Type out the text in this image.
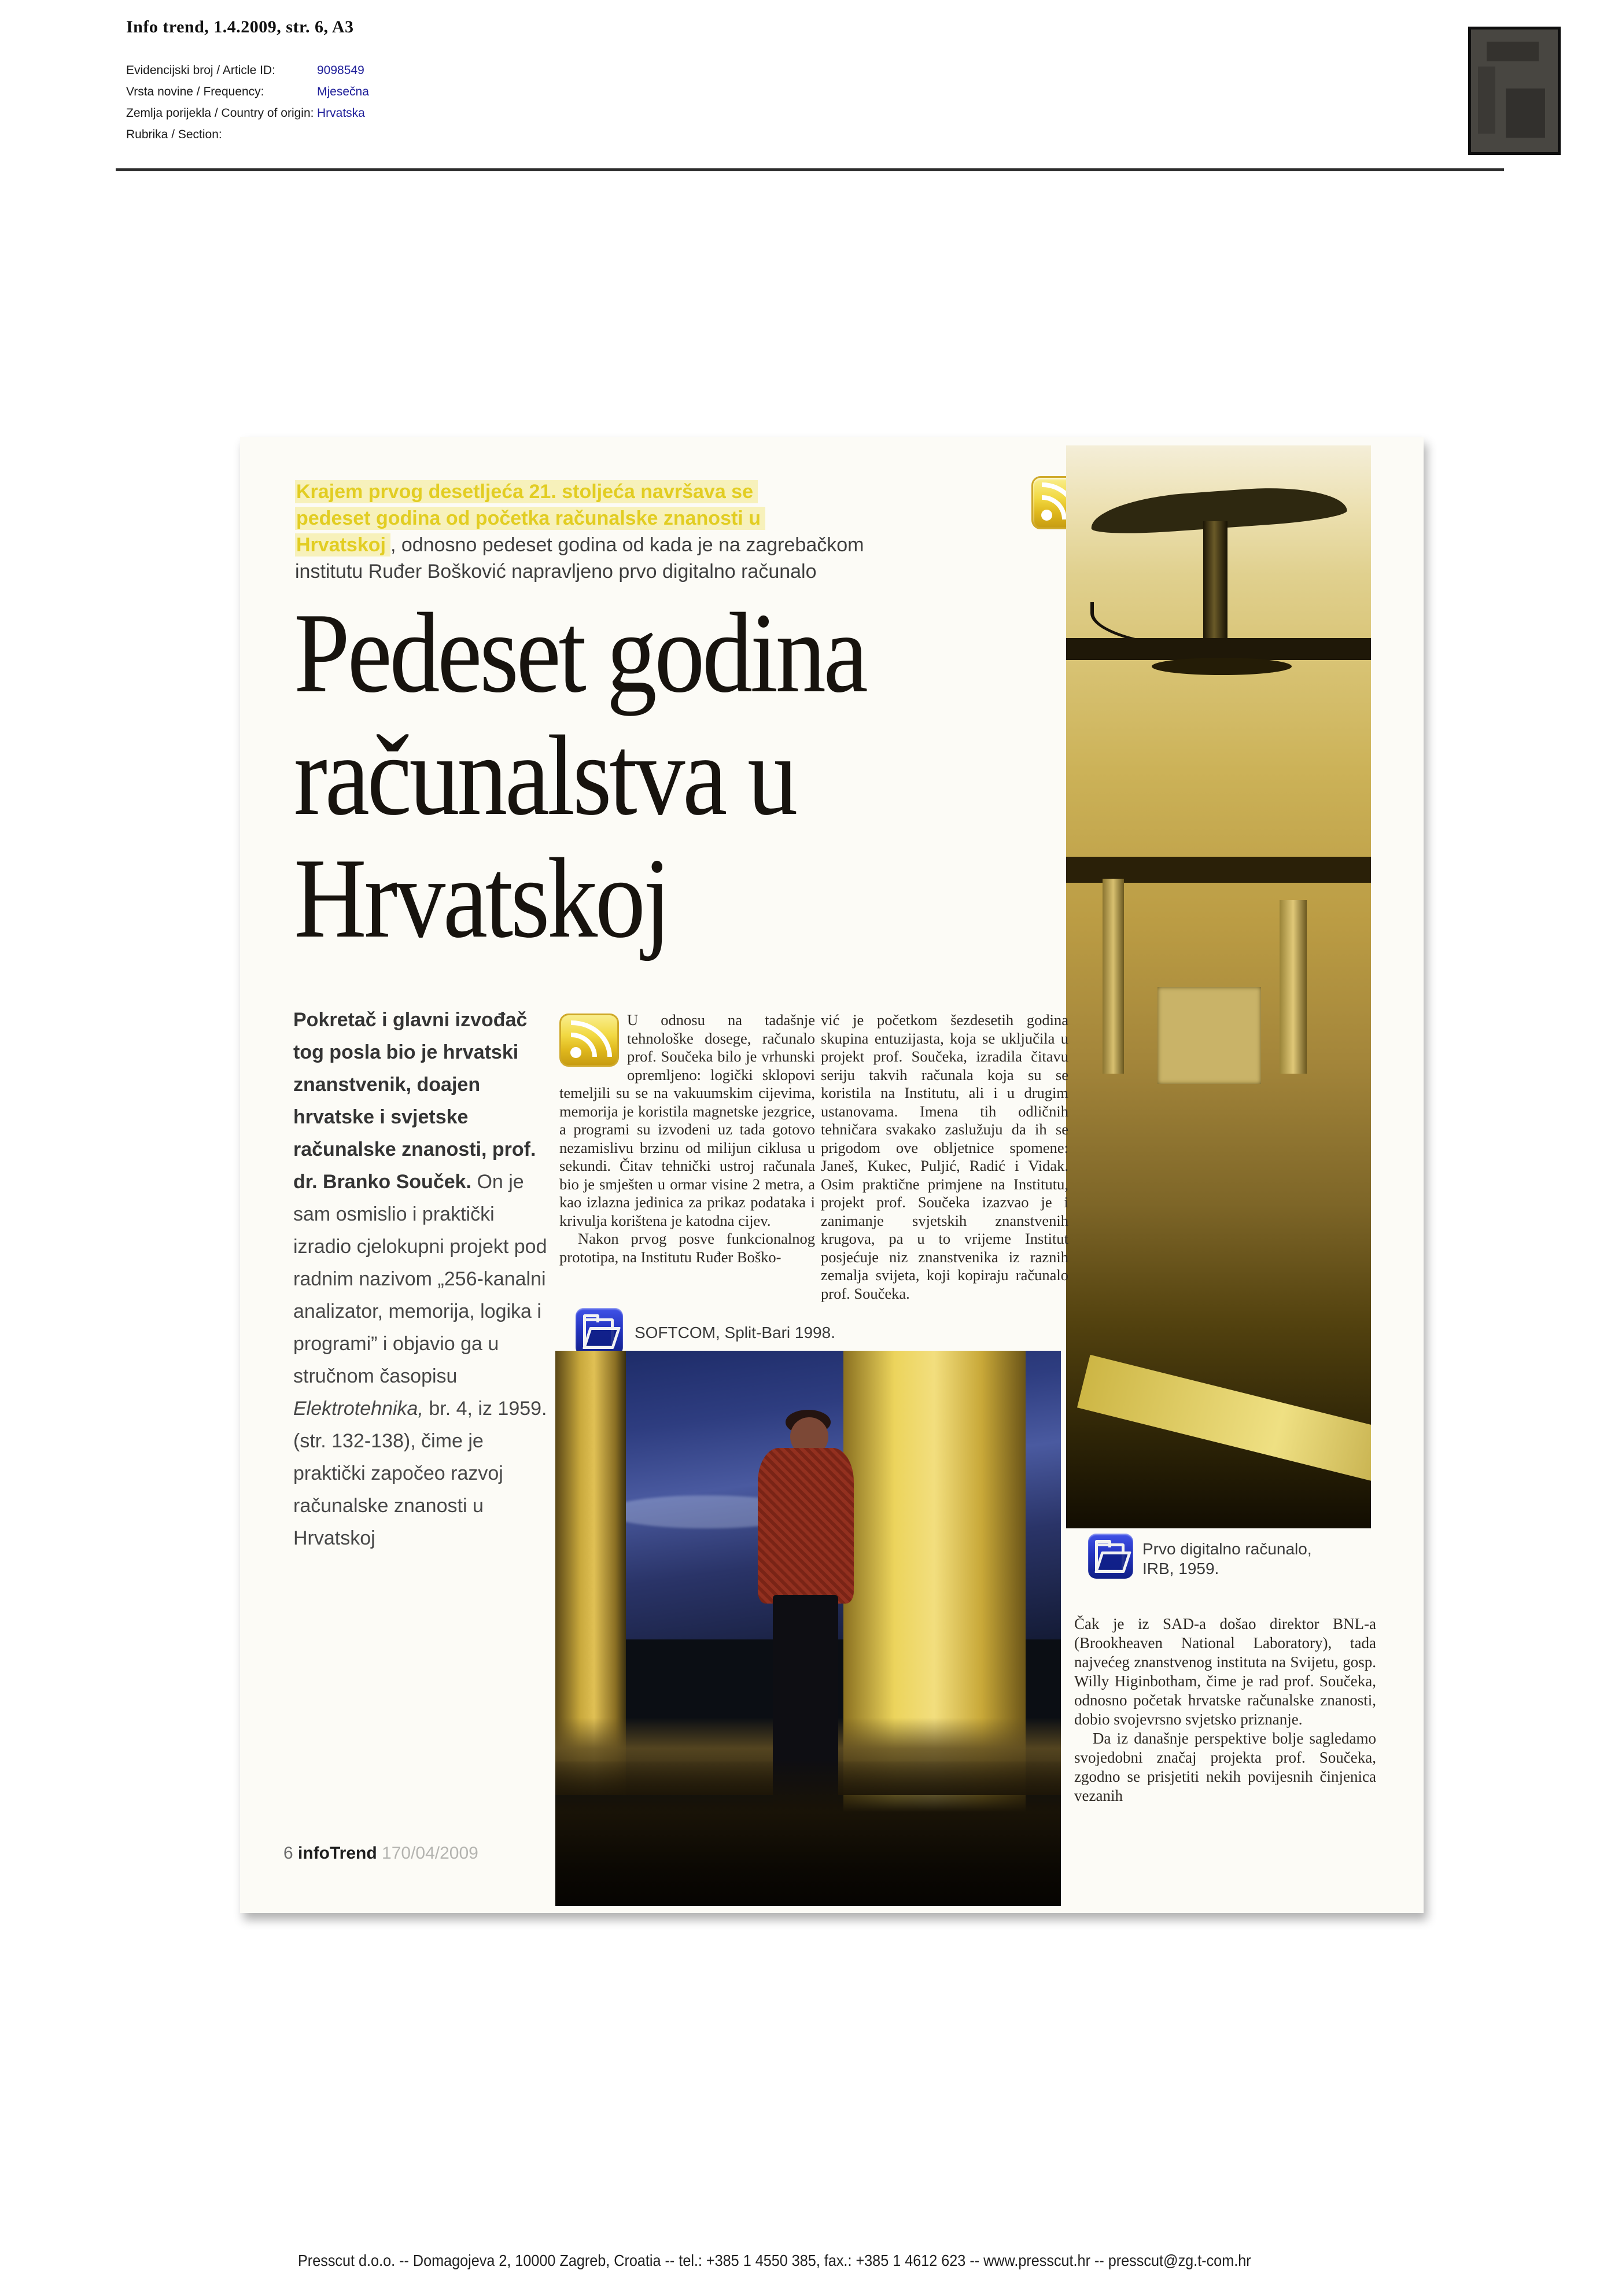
Info trend, 1.4.2009, str. 6, A3
Evidencijski broj / Article ID:	9098549
Vrsta novine / Frequency:	Mjesečna
Zemlja porijekla / Country of origin: Hrvatska
Rubrika / Section:
Krajem prvog desetljeća 21. stoljeća navršava se
pedeset godina od početka računalske znanosti u
Hrvatskoj , odnosno pedeset godina od kada je na zagrebačkom
institutu Ruđer Bošković napravljeno prvo digitalno računalo
Pedeset godina
računalstva u
Hrvatskoj
Pokretač i glavni izvođač tog posla bio je hrvatski znanstvenik, doajen hrvatske i svjetske računalske znanosti, prof. dr. Branko Souček. On je sam osmislio i praktički izradio cjelokupni projekt pod radnim nazivom „256-kanalni analizator, memorija, logika i programi” i objavio ga u stručnom časopisu Elektrotehnika, br. 4, iz 1959. (str. 132-138), čime je praktički započeo razvoj računalske znanosti u Hrvatskoj
6 infoTrend 170/04/2009

U odnosu na tadašnje tehnološke dosege, računalo prof. Součeka bilo je vrhunski opremljeno: logički sklopovi temeljili su se na vakuumskim cijevima, memorija je koristila magnetske jezgrice, a programi su izvodeni uz tada gotovo nezamislivu brzinu od milijun ciklusa u sekundi. Čitav tehnički ustroj računala bio je smješten u ormar visine 2 metra, a kao izlazna jedinica za prikaz podataka i krivulja korištena je katodna cijev.

Nakon prvog posve funkcionalnog prototipa, na Institutu Ruđer Boško-

vić je početkom šezdesetih godina skupina entuzijasta, koja se uključila u projekt prof. Součeka, izradila čitavu seriju takvih računala koja su se koristila na Institutu, ali i u drugim ustanovama. Imena tih odličnih tehničara svakako zaslužuju da ih se prigodom ove obljetnice spomene: Janeš, Kukec, Puljić, Radić i Vidak. Osim praktične primjene na Institutu, projekt prof. Součeka izazvao je i zanimanje svjetskih znanstvenih krugova, pa u to vrijeme Institut posjećuje niz znanstvenika iz raznih zemalja svijeta, koji kopiraju računalo prof. Součeka.

SOFTCOM, Split-Bari 1998.
Prvo digitalno računalo,
IRB, 1959.

Čak je iz SAD-a došao direktor BNL-a (Brookheaven National Laboratory), tada najvećeg znanstvenog instituta na Svijetu, gosp. Willy Higinbotham, čime je rad prof. Součeka, odnosno početak hrvatske računalske znanosti, dobio svojevrsno svjetsko priznanje.

Da iz današnje perspektive bolje sagledamo svojedobni značaj projekta prof. Součeka, zgodno se prisjetiti nekih povijesnih činjenica vezanih

Presscut d.o.o. -- Domagojeva 2, 10000 Zagreb, Croatia -- tel.: +385 1 4550 385, fax.: +385 1 4612 623 -- www.presscut.hr -- presscut@zg.t-com.hr
